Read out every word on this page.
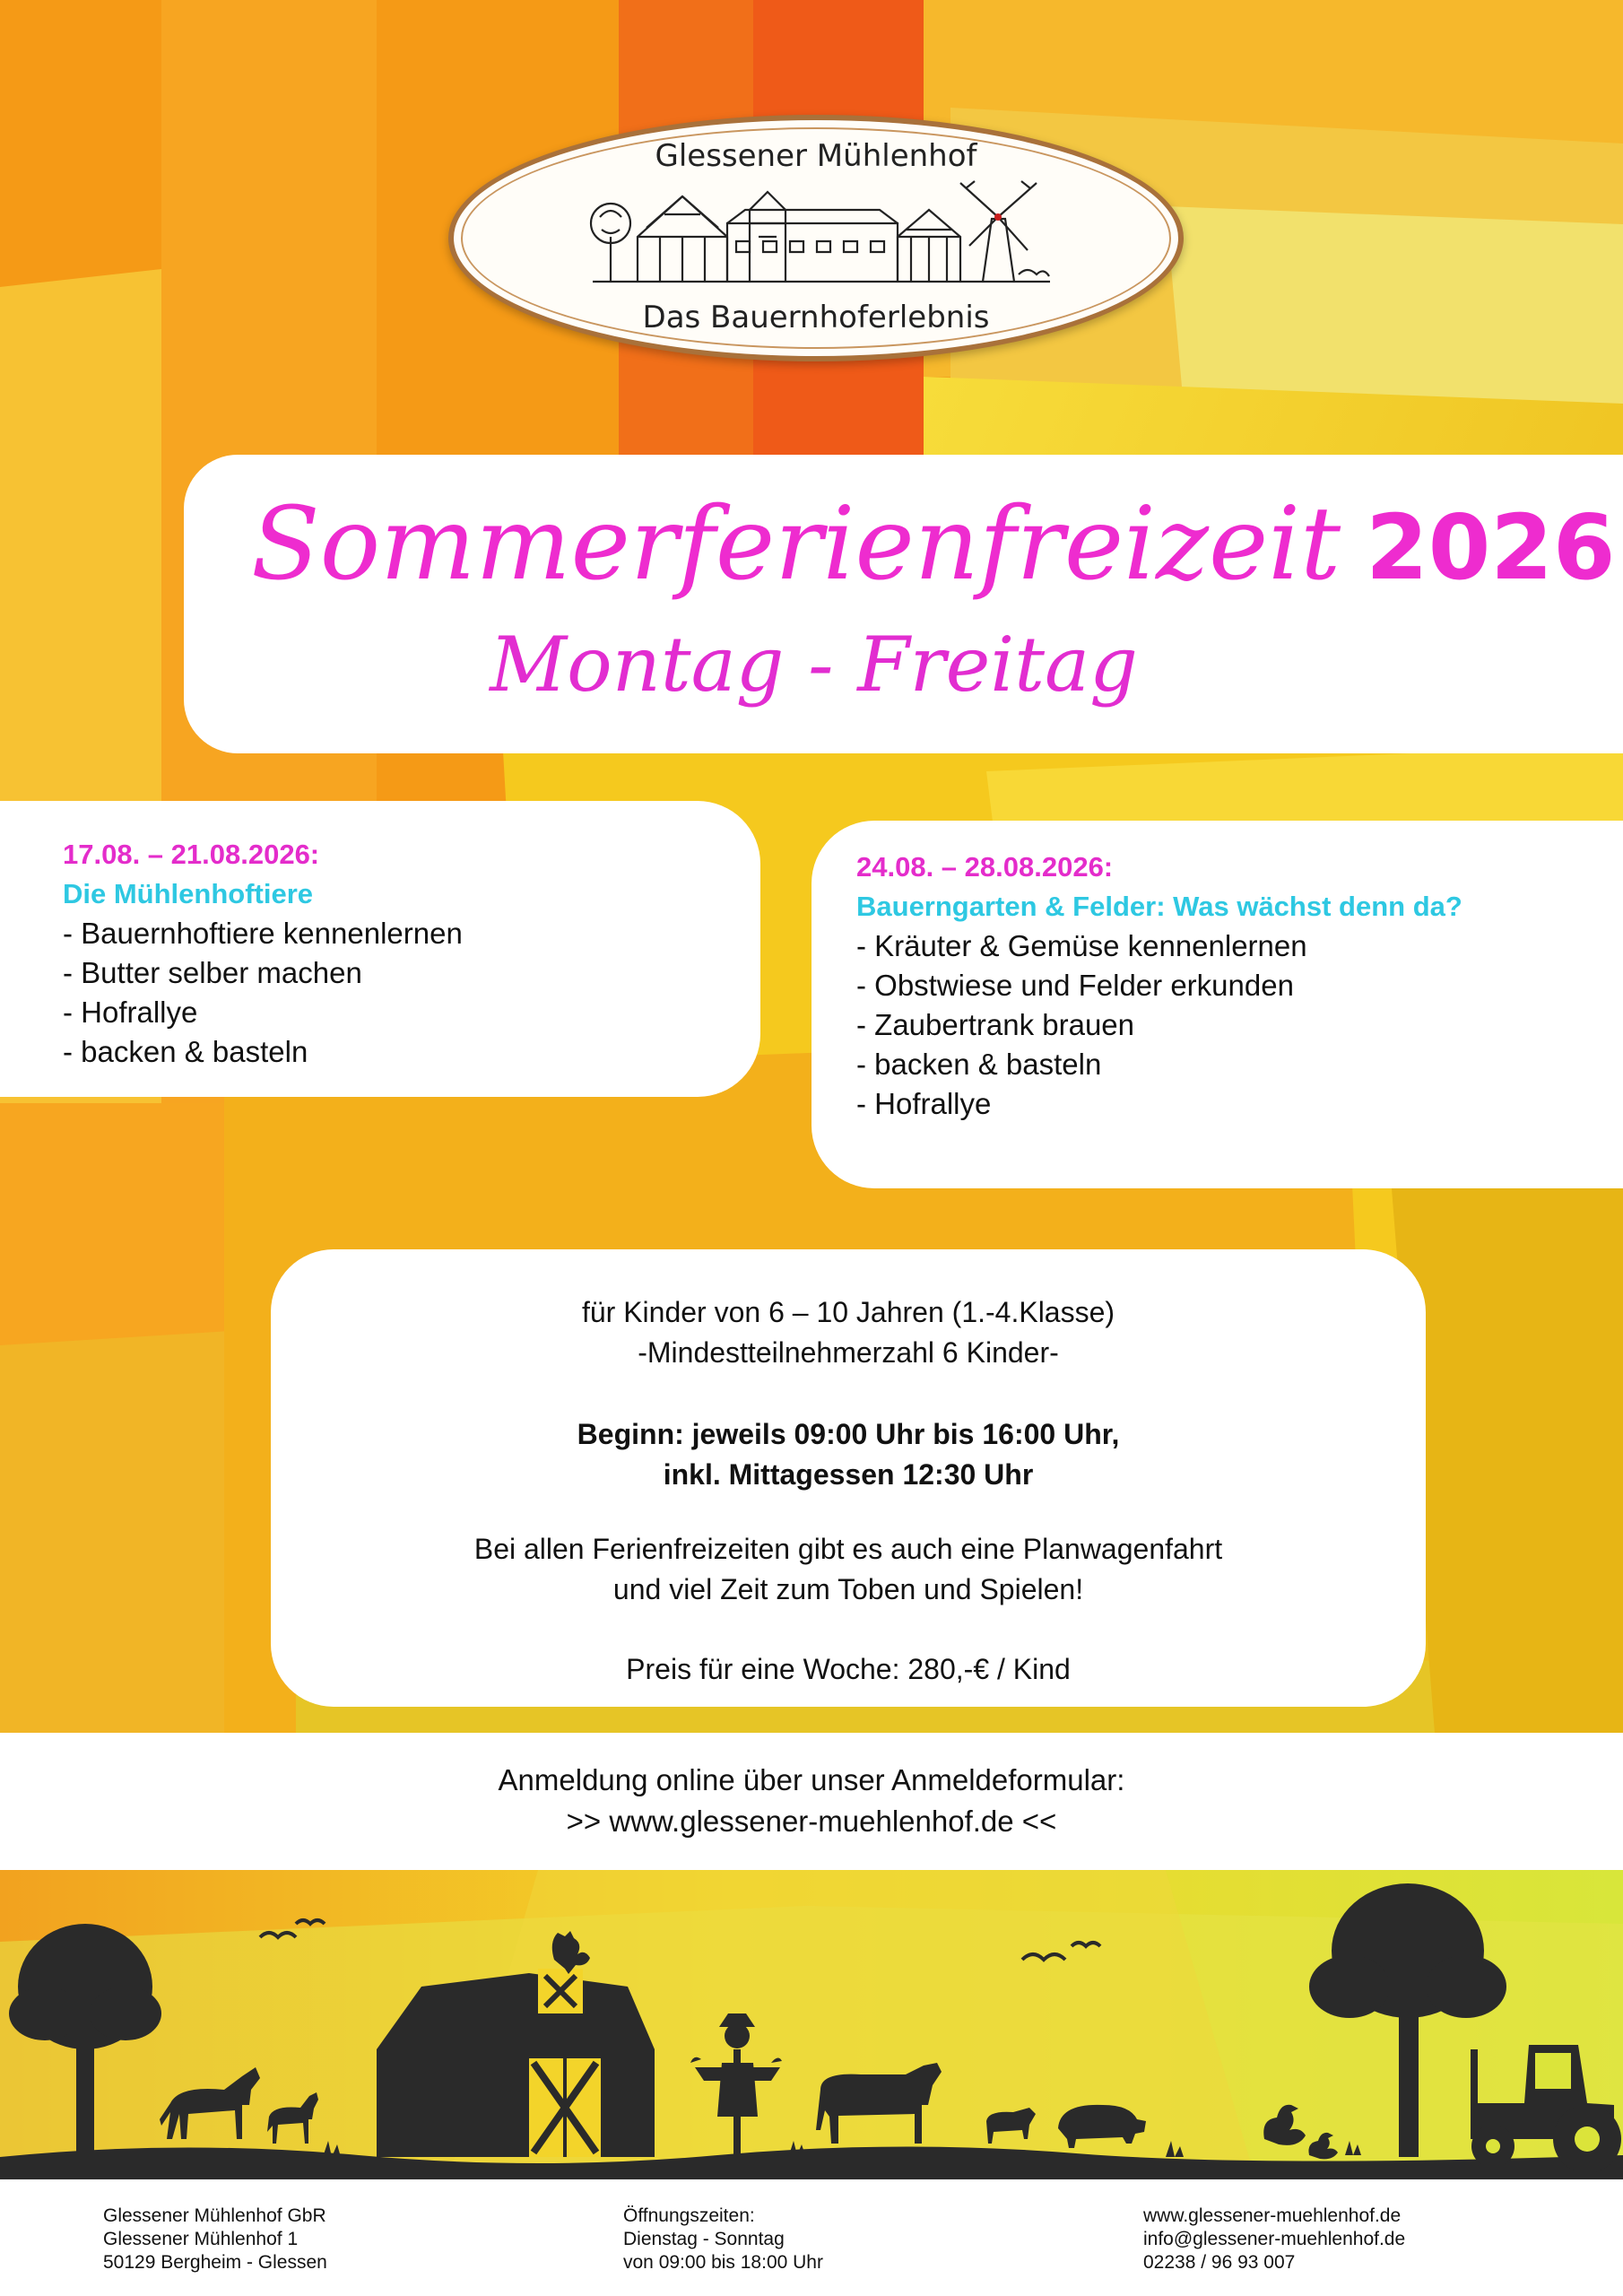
Glessener Mühlenhof
Das Bauernhoferlebnis
Sommerferienfreizeit 2026
Montag - Freitag
17.08. – 21.08.2026:
Die Mühlenhoftiere
- Bauernhoftiere kennenlernen
- Butter selber machen
- Hofrallye
- backen & basteln
24.08. – 28.08.2026:
Bauerngarten & Felder: Was wächst denn da?
- Kräuter & Gemüse kennenlernen
- Obstwiese und Felder erkunden
- Zaubertrank brauen
- backen & basteln
- Hofrallye

für Kinder von 6 – 10 Jahren (1.-4.Klasse)

-Mindestteilnehmerzahl 6 Kinder-

Beginn: jeweils 09:00 Uhr bis 16:00 Uhr,

inkl. Mittagessen 12:30 Uhr

Bei allen Ferienfreizeiten gibt es auch eine Planwagenfahrt

und viel Zeit zum Toben und Spielen!

Preis für eine Woche: 280,-€ / Kind

Anmeldung online über unser Anmeldeformular:

>> www.glessener-muehlenhof.de <<

Glessener Mühlenhof GbR
Glessener Mühlenhof 1
50129 Bergheim - Glessen
Öffnungszeiten:
Dienstag - Sonntag
von 09:00 bis 18:00 Uhr
www.glessener-muehlenhof.de
info@glessener-muehlenhof.de
02238 / 96 93 007
